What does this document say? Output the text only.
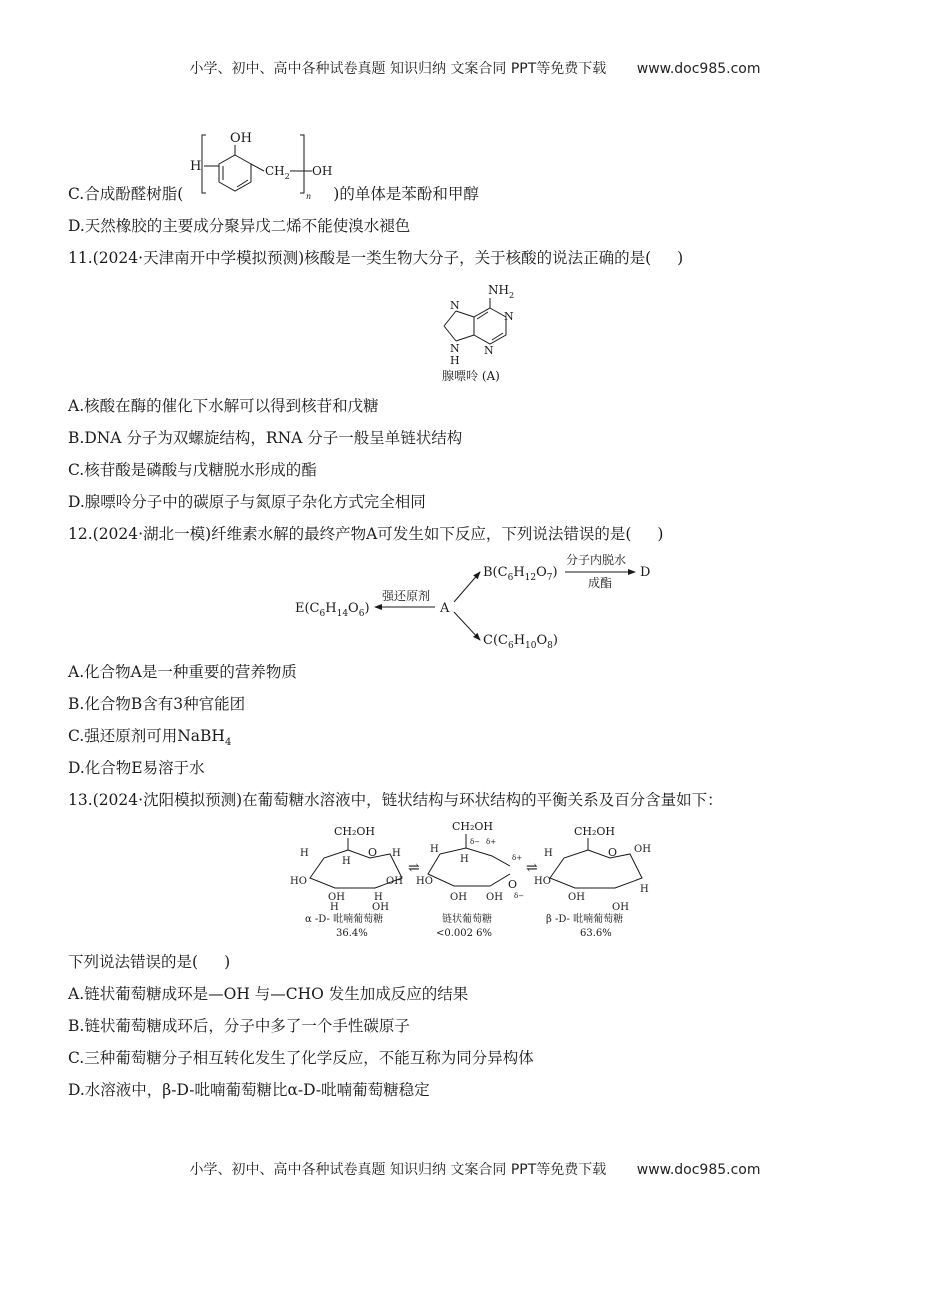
小学、初中、高中各种试卷真题 知识归纳 文案合同 PPT等免费下载 www.doc985.com
OH
H	$CH_2$ OH
n
C.合成酚醛树脂(	)的单体是苯酚和甲醇
D.天然橡胶的主要成分聚异戊二烯不能使溴水褪色
11.(2024·天津南开中学模拟预测)核酸是一类生物大分子，关于核酸的说法正确的是( )
$NH_2$
N
N
N
N
H
腺嘌呤 (A)
A.核酸在酶的催化下水解可以得到核苷和戊糖
B.DNA 分子为双螺旋结构，RNA 分子一般呈单链状结构
C.核苷酸是磷酸与戊糖脱水形成的酯
D.腺嘌呤分子中的碳原子与氮原子杂化方式完全相同
12.(2024·湖北一模)纤维素水解的最终产物A可发生如下反应，下列说法错误的是( )
$E(C_6H_{14}O_6)$
强还原剂
A
$B(C_6H_{12}O_7)$
分子内脱水
成酯
D
$C(C_6H_{10}O_8)$
A.化合物A是一种重要的营养物质
B.化合物B含有3种官能团
C.强还原剂可用NaBH$_4$
D.化合物E易溶于水
13.(2024·沈阳模拟预测)在葡萄糖水溶液中，链状结构与环状结构的平衡关系及百分含量如下：
CH₂OH
O
H
H
H
OH
HO
OH	H
OH
H
α -D- 吡喃葡萄糖
36.4%
⇌
CH₂OH
δ− δ+
H
H
HO
OH OH
O
δ+
δ−
链状葡萄糖
<0.002 6%
⇌
CH₂OH
O OH
H
H
HO
OH
OH
β -D- 吡喃葡萄糖
63.6%
下列说法错误的是( )
A.链状葡萄糖成环是—OH 与—CHO 发生加成反应的结果
B.链状葡萄糖成环后，分子中多了一个手性碳原子
C.三种葡萄糖分子相互转化发生了化学反应，不能互称为同分异构体
D.水溶液中，β-D-吡喃葡萄糖比α-D-吡喃葡萄糖稳定
小学、初中、高中各种试卷真题 知识归纳 文案合同 PPT等免费下载 www.doc985.com
